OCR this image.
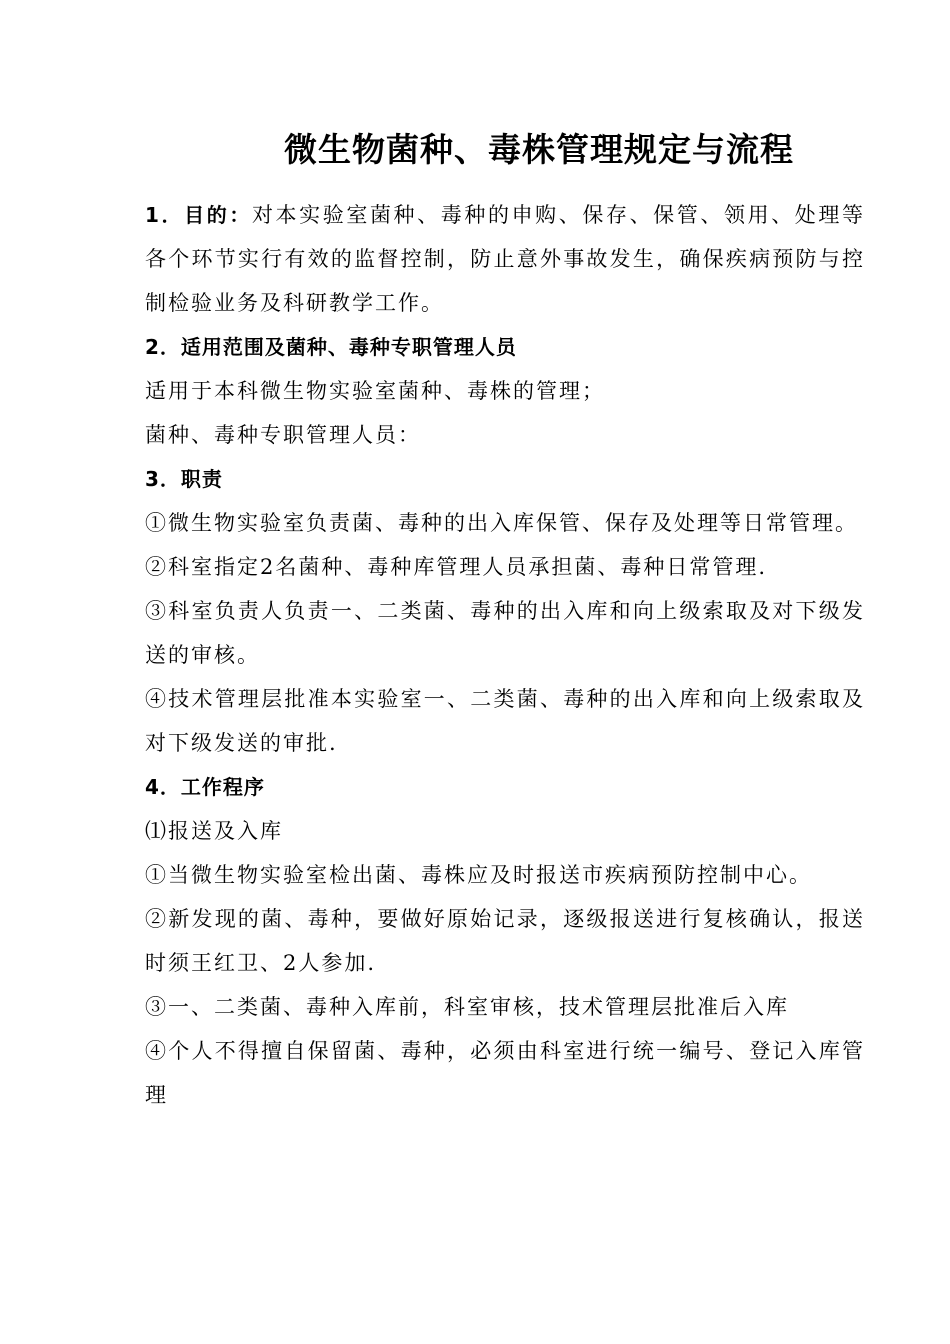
微生物菌种、毒株管理规定与流程

1．目的：对本实验室菌种、毒种的申购、保存、保管、领用、处理等各个环节实行有效的监督控制，防止意外事故发生，确保疾病预防与控制检验业务及科研教学工作。

2．适用范围及菌种、毒种专职管理人员

适用于本科微生物实验室菌种、毒株的管理；

菌种、毒种专职管理人员：

3．职责

①微生物实验室负责菌、毒种的出入库保管、保存及处理等日常管理。

②科室指定2名菌种、毒种库管理人员承担菌、毒种日常管理.

③科室负责人负责一、二类菌、毒种的出入库和向上级索取及对下级发送的审核。

④技术管理层批准本实验室一、二类菌、毒种的出入库和向上级索取及对下级发送的审批.

4．工作程序

⑴报送及入库

①当微生物实验室检出菌、毒株应及时报送市疾病预防控制中心。

②新发现的菌、毒种，要做好原始记录，逐级报送进行复核确认，报送时须王红卫、2人参加.

③一、二类菌、毒种入库前，科室审核，技术管理层批准后入库

④个人不得擅自保留菌、毒种，必须由科室进行统一编号、登记入库管理
